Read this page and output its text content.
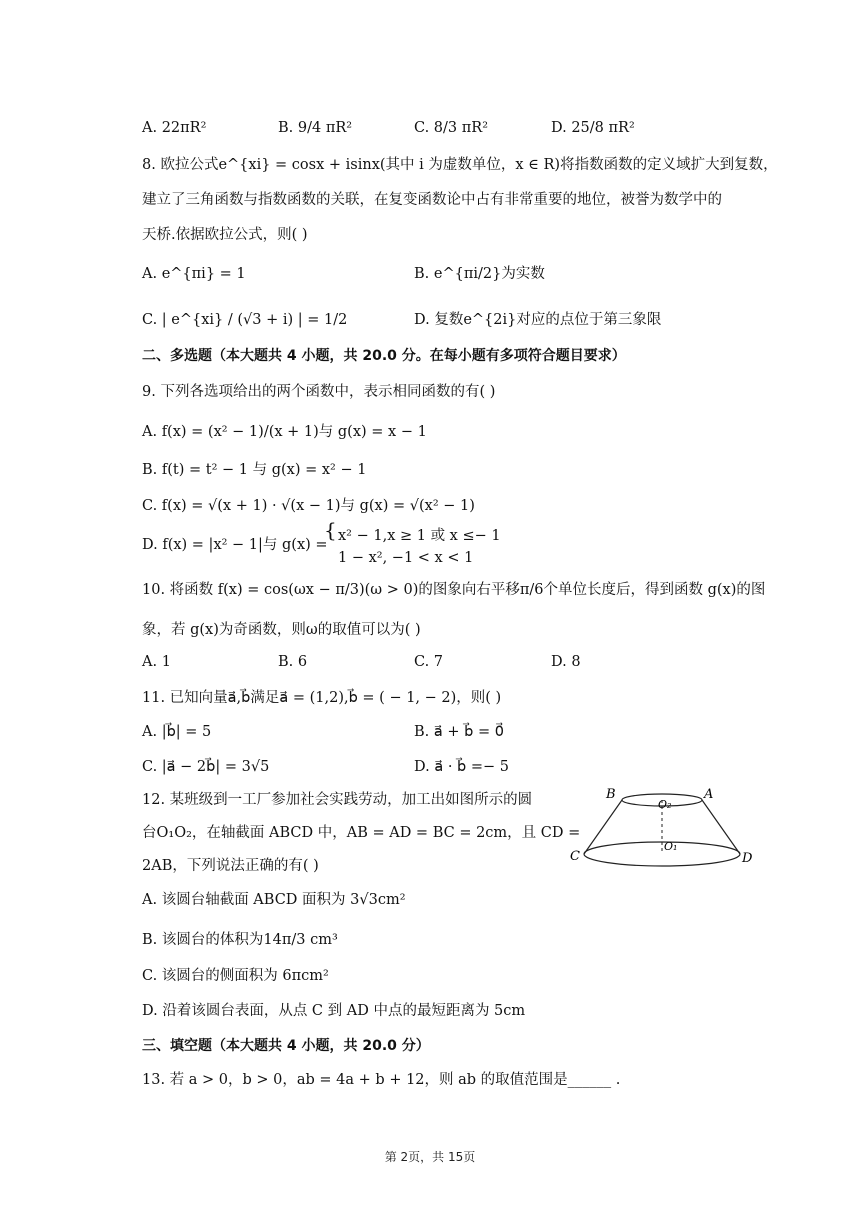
A. 22πR²	B. 9/4 πR²	C. 8/3 πR²	D. 25/8 πR²
8. 欧拉公式e^{xi} = cosx + isinx(其中 i 为虚数单位，x ∈ R)将指数函数的定义域扩大到复数，
建立了三角函数与指数函数的关联，在复变函数论中占有非常重要的地位，被誉为数学中的
天桥.依据欧拉公式，则( )
A. e^{πi} = 1	B. e^{πi/2}为实数
C. | e^{xi} / (√3 + i) | = 1/2	D. 复数e^{2i}对应的点位于第三象限
二、多选题（本大题共 4 小题，共 20.0 分。在每小题有多项符合题目要求）
9. 下列各选项给出的两个函数中，表示相同函数的有( )
A. f(x) = (x² − 1)/(x + 1)与 g(x) = x − 1
B. f(t) = t² − 1 与 g(x) = x² − 1
C. f(x) = √(x + 1) · √(x − 1)与 g(x) = √(x² − 1)
D. f(x) = |x² − 1|与 g(x) =
{ x² − 1,x ≥ 1 或 x ≤− 1
1 − x², −1 < x < 1
10. 将函数 f(x) = cos(ωx − π/3)(ω > 0)的图象向右平移π/6个单位长度后，得到函数 g(x)的图
象，若 g(x)为奇函数，则ω的取值可以为( )
A. 1	B. 6	C. 7	D. 8
11. 已知向量a⃗,b⃗满足a⃗ = (1,2),b⃗ = ( − 1, − 2)，则( )
A. |b⃗| = 5	B. a⃗ + b⃗ = 0⃗
C. |a⃗ − 2b⃗| = 3√5	D. a⃗ · b⃗ =− 5
12. 某班级到一工厂参加社会实践劳动，加工出如图所示的圆
台O₁O₂，在轴截面 ABCD 中，AB = AD = BC = 2cm，且 CD =
2AB，下列说法正确的有( )
A. 该圆台轴截面 ABCD 面积为 3√3cm²
B. 该圆台的体积为14π/3 cm³
C. 该圆台的侧面积为 6πcm²
D. 沿着该圆台表面，从点 C 到 AD 中点的最短距离为 5cm
B	A
O₂
O₁
C	D
三、填空题（本大题共 4 小题，共 20.0 分）
13. 若 a > 0，b > 0，ab = 4a + b + 12，则 ab 的取值范围是______ .
第 2页，共 15页
